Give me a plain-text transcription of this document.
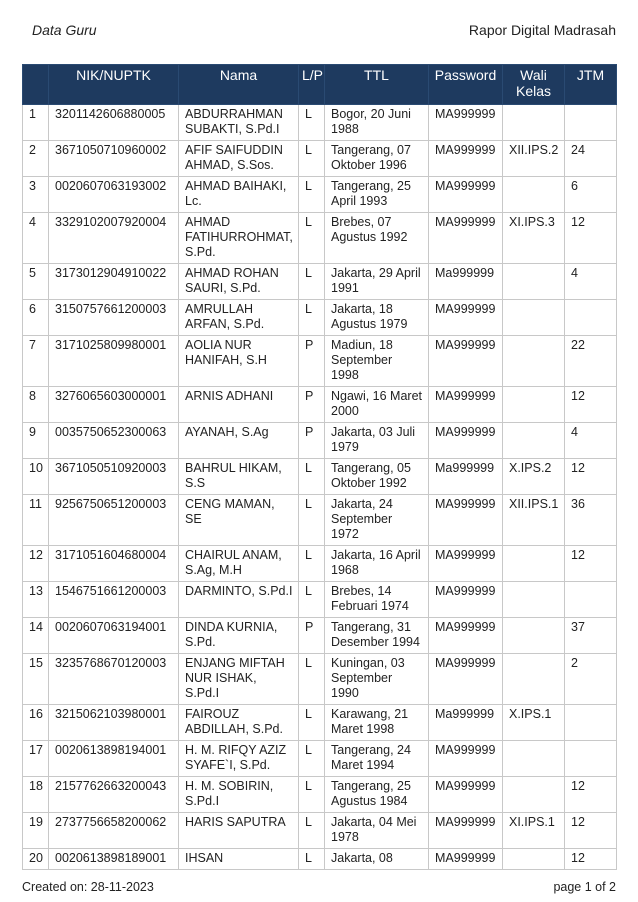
Data Guru	Rapor Digital Madrasah
	NIK/NUPTK	Nama	L/P	TTL	Password	Wali Kelas	JTM
1	3201142606880005	ABDURRAHMAN SUBAKTI, S.Pd.I	L	Bogor, 20 Juni 1988	MA999999		
2	3671050710960002	AFIF SAIFUDDIN AHMAD, S.Sos.	L	Tangerang, 07 Oktober 1996	MA999999	XII.IPS.2	24
3	0020607063193002	AHMAD BAIHAKI, Lc.	L	Tangerang, 25 April 1993	MA999999		6
4	3329102007920004	AHMAD FATIHURROHMAT, S.Pd.	L	Brebes, 07 Agustus 1992	MA999999	XI.IPS.3	12
5	3173012904910022	AHMAD ROHAN SAURI, S.Pd.	L	Jakarta, 29 April 1991	Ma999999		4
6	3150757661200003	AMRULLAH ARFAN, S.Pd.	L	Jakarta, 18 Agustus 1979	MA999999		
7	3171025809980001	AOLIA NUR HANIFAH, S.H	P	Madiun, 18 September 1998	MA999999		22
8	3276065603000001	ARNIS ADHANI	P	Ngawi, 16 Maret 2000	MA999999		12
9	0035750652300063	AYANAH, S.Ag	P	Jakarta, 03 Juli 1979	MA999999		4
10	3671050510920003	BAHRUL HIKAM, S.S	L	Tangerang, 05 Oktober 1992	Ma999999	X.IPS.2	12
11	9256750651200003	CENG MAMAN, SE	L	Jakarta, 24 September 1972	MA999999	XII.IPS.1	36
12	3171051604680004	CHAIRUL ANAM, S.Ag, M.H	L	Jakarta, 16 April 1968	MA999999		12
13	1546751661200003	DARMINTO, S.Pd.I	L	Brebes, 14 Februari 1974	MA999999		
14	0020607063194001	DINDA KURNIA, S.Pd.	P	Tangerang, 31 Desember 1994	MA999999		37
15	3235768670120003	ENJANG MIFTAH NUR ISHAK, S.Pd.I	L	Kuningan, 03 September 1990	MA999999		2
16	3215062103980001	FAIROUZ ABDILLAH, S.Pd.	L	Karawang, 21 Maret 1998	Ma999999	X.IPS.1	
17	0020613898194001	H. M. RIFQY AZIZ SYAFE`I, S.Pd.	L	Tangerang, 24 Maret 1994	MA999999		
18	2157762663200043	H. M. SOBIRIN, S.Pd.I	L	Tangerang, 25 Agustus 1984	MA999999		12
19	2737756658200062	HARIS SAPUTRA	L	Jakarta, 04 Mei 1978	MA999999	XI.IPS.1	12
20	0020613898189001	IHSAN	L	Jakarta, 08	MA999999		12
Created on: 28-11-2023	page 1 of 2
